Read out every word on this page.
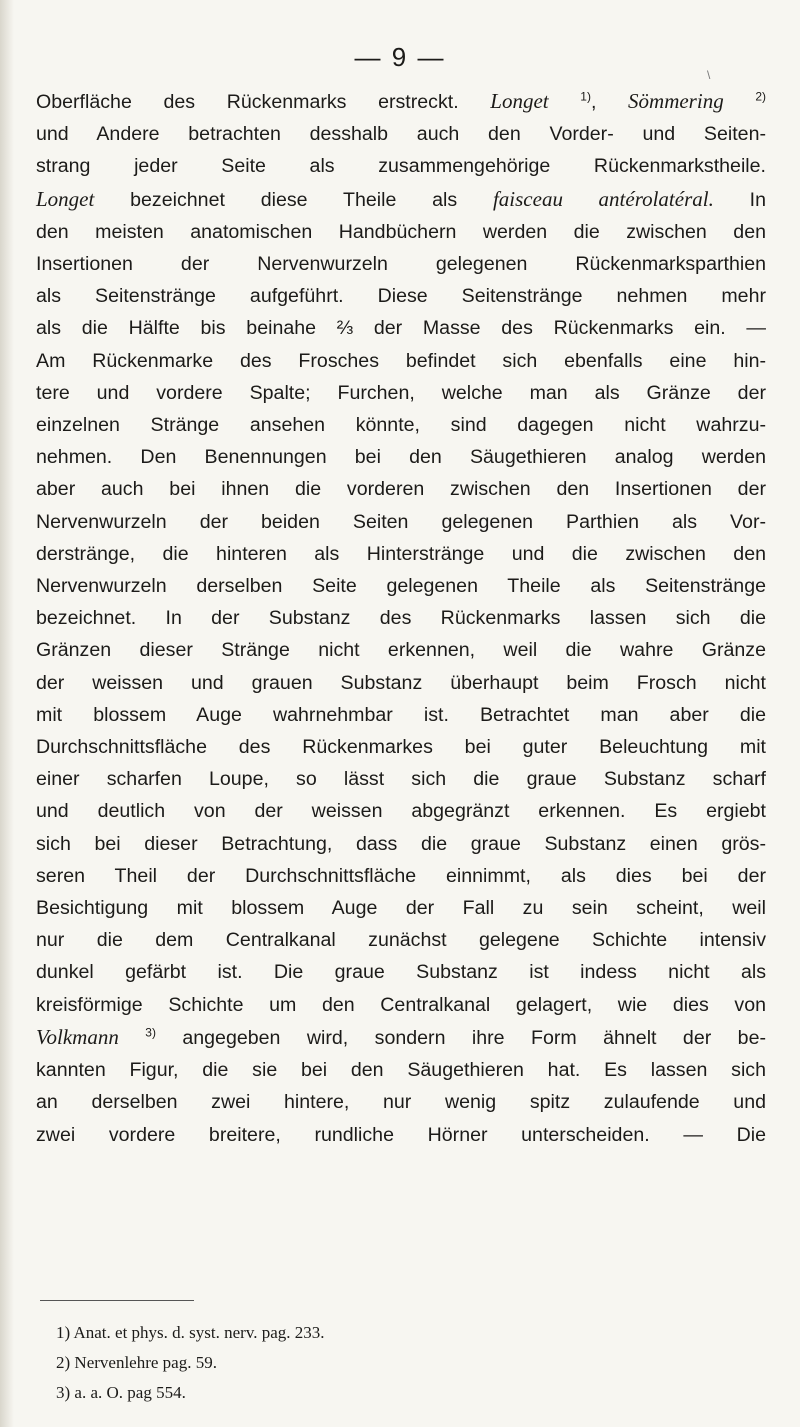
— 9 —
\
Oberfläche des Rückenmarks erstreckt. Longet	$^{1)}$, Sömmering	$^{2)}$
und Andere betrachten desshalb auch den Vorder- und Seiten-
strang jeder Seite als zusammengehörige Rückenmarkstheile.
Longet bezeichnet diese Theile als faisceau antérolatéral. In
den meisten anatomischen Handbüchern werden die zwischen den
Insertionen der Nervenwurzeln gelegenen Rückenmarksparthien
als Seitenstränge aufgeführt. Diese Seitenstränge nehmen mehr
als die Hälfte bis beinahe ⅔ der Masse des Rückenmarks ein. —
Am Rückenmarke des Frosches befindet sich ebenfalls eine hin-
tere und vordere Spalte; Furchen, welche man als Gränze der
einzelnen Stränge ansehen könnte, sind dagegen nicht wahrzu-
nehmen. Den Benennungen bei den Säugethieren analog werden
aber auch bei ihnen die vorderen zwischen den Insertionen der
Nervenwurzeln der beiden Seiten gelegenen Parthien als Vor-
derstränge, die hinteren als Hinterstränge und die zwischen den
Nervenwurzeln derselben Seite gelegenen Theile als Seitenstränge
bezeichnet. In der Substanz des Rückenmarks lassen sich die
Gränzen dieser Stränge nicht erkennen, weil die wahre Gränze
der weissen und grauen Substanz überhaupt beim Frosch nicht
mit blossem Auge wahrnehmbar ist. Betrachtet man aber die
Durchschnittsfläche des Rückenmarkes bei guter Beleuchtung mit
einer scharfen Loupe, so lässt sich die graue Substanz scharf
und deutlich von der weissen abgegränzt erkennen. Es ergiebt
sich bei dieser Betrachtung, dass die graue Substanz einen grös-
seren Theil der Durchschnittsfläche einnimmt, als dies bei der
Besichtigung mit blossem Auge der Fall zu sein scheint, weil
nur die dem Centralkanal zunächst gelegene Schichte intensiv
dunkel gefärbt ist. Die graue Substanz ist indess nicht als
kreisförmige Schichte um den Centralkanal gelagert, wie dies von
Volkmann $^{3)}$ angegeben wird, sondern ihre Form ähnelt der be-
kannten Figur, die sie bei den Säugethieren hat. Es lassen sich
an derselben zwei hintere, nur wenig spitz zulaufende und
zwei vordere breitere, rundliche Hörner unterscheiden. — Die
1) Anat. et phys. d. syst. nerv. pag. 233.
2) Nervenlehre pag. 59.
3) a. a. O. pag 554.
